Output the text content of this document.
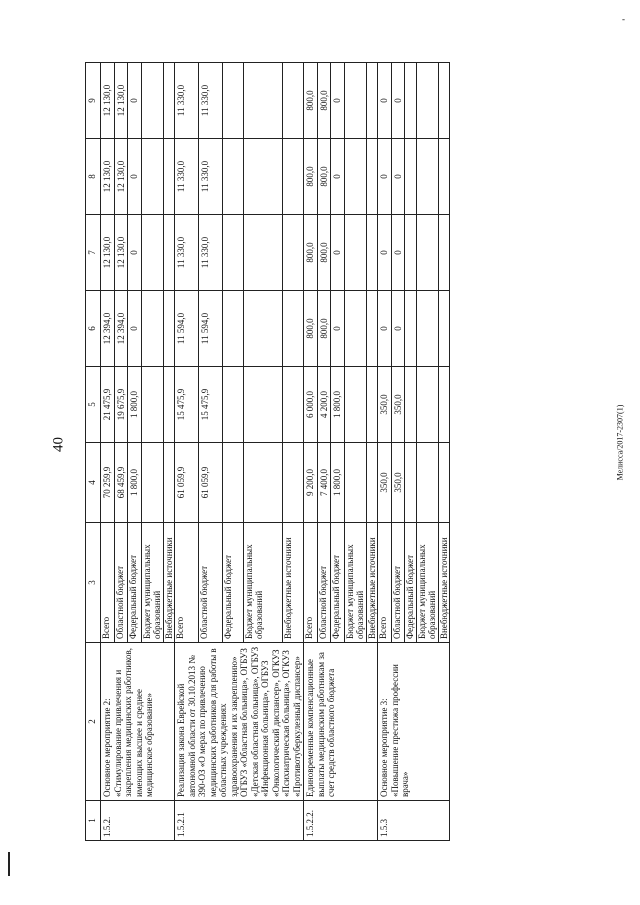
-
40	Мелисса/2017-2307(1)
1	2	3	4	5	6	7	8	9
1.5.2.	Основное мероприятие 2: «Стимулирование привлечения и закрепления медицинских работников, имеющих высшее и среднее медицинское образование»	Всего	70 259,9	21 475,9	12 394,0	12 130,0	12 130,0	12 130,0
		Областной бюджет	68 459,9	19 675,9	12 394,0	12 130,0	12 130,0	12 130,0
		Федеральный бюджет	1 800,0	1 800,0	0	0	0	0
		Бюджет муниципальных образований						
		Внебюджетные источники						
1.5.2.1	Реализация закона Еврейской автономной области от 30.10.2013 № 390-ОЗ «О мерах по привлечению медицинских работников для работы в областных учреждениях здравоохранения и их закреплению» ОГБУЗ «Областная больница», ОГБУЗ «Детская областная больница», ОГБУЗ «Инфекционная больница», ОГБУЗ «Онкологический диспансер», ОГКУЗ «Психиатрическая больница», ОГКУЗ «Противотуберкулезный диспансер»	Всего	61 059,9	15 475,9	11 594,0	11 330,0	11 330,0	11 330,0
		Областной бюджет	61 059,9	15 475,9	11 594,0	11 330,0	11 330,0	11 330,0
		Федеральный бюджет						
		Бюджет муниципальных образований						
		Внебюджетные источники						
1.5.2.2.	Единовременные компенсационные выплаты медицинским работникам за счет средств областного бюджета	Всего	9 200,0	6 000,0	800,0	800,0	800,0	800,0
		Областной бюджет	7 400,0	4 200,0	800,0	800,0	800,0	800,0
		Федеральный бюджет	1 800,0	1 800,0	0	0	0	0
		Бюджет муниципальных образований						
		Внебюджетные источники						
1.5.3	Основное мероприятие 3: «Повышение престижа профессии врача»	Всего	350,0	350,0	0	0	0	0
		Областной бюджет	350,0	350,0	0	0	0	0
		Федеральный бюджет						
		Бюджет муниципальных образований						
		Внебюджетные источники						
